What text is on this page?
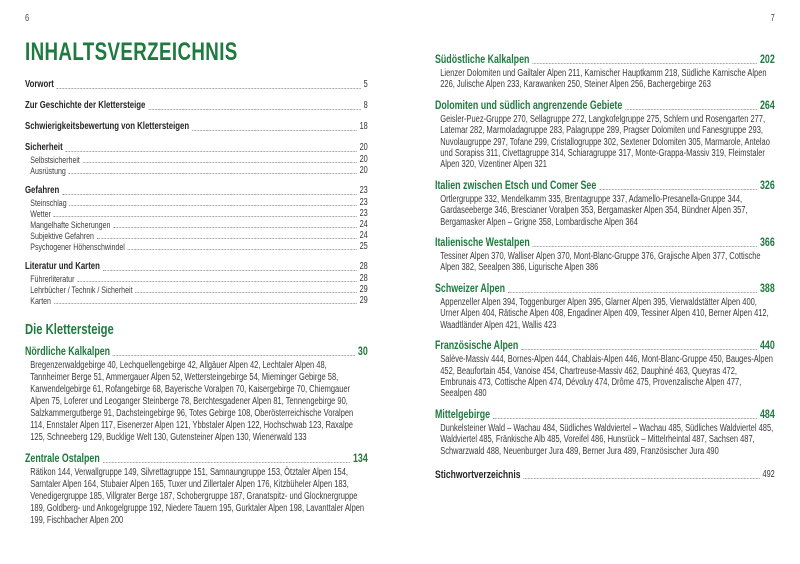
6
INHALTSVERZEICHNIS
Vorwort	5
Zur Geschichte der Klettersteige	8
Schwierigkeitsbewertung von Klettersteigen	18
Sicherheit	20
Selbstsicherheit	20
Ausrüstung	20
Gefahren	23
Steinschlag	23
Wetter	23
Mangelhafte Sicherungen	24
Subjektive Gefahren	24
Psychogener Höhenschwindel	25
Literatur und Karten	28
Führerliteratur	28
Lehrbücher / Technik / Sicherheit	29
Karten	29
Die Klettersteige
Nördliche Kalkalpen	30

Bregenzerwaldgebirge 40, Lechquellengebirge 42, Allgäuer Alpen 42, Lechtaler Alpen 48, Tannheimer Berge 51, Ammergauer Alpen 52, Wettersteingebirge 54, Mieminger Gebirge 58, Karwendelgebirge 61, Rofangebirge 68, Bayerische Voralpen 70, Kaisergebirge 70, Chiemgauer Alpen 75, Loferer und Leoganger Steinberge 78, Berchtesgadener Alpen 81, Tennengebirge 90, Salzkammergutberge 91, Dachsteingebirge 96, Totes Gebirge 108, Oberösterreichische Voralpen 114, Ennstaler Alpen 117, Eisenerzer Alpen 121, Ybbstaler Alpen 122, Hochschwab 123, Raxalpe 125, Schneeberg 129, Bucklige Welt 130, Gutensteiner Alpen 130, Wienerwald 133

Zentrale Ostalpen	134

Rätikon 144, Verwallgruppe 149, Silvrettagruppe 151, Samnaungruppe 153, Ötztaler Alpen 154, Sarntaler Alpen 164, Stubaier Alpen 165, Tuxer und Zillertaler Alpen 176, Kitzbüheler Alpen 183, Venedigergruppe 185, Villgrater Berge 187, Schobergruppe 187, Granatspitz- und Glocknergruppe 189, Goldberg- und Ankogelgruppe 192, Niedere Tauern 195, Gurktaler Alpen 198, Lavanttaler Alpen 199, Fischbacher Alpen 200

7
Südöstliche Kalkalpen	202

Lienzer Dolomiten und Gailtaler Alpen 211, Karnischer Hauptkamm 218, Südliche Karnische Alpen 226, Julische Alpen 233, Karawanken 250, Steiner Alpen 256, Bachergebirge 263

Dolomiten und südlich angrenzende Gebiete	264

Geisler-Puez-Gruppe 270, Sellagruppe 272, Langkofelgruppe 275, Schlern und Rosengarten 277, Latemar 282, Marmoladagruppe 283, Palagruppe 289, Pragser Dolomiten und Fanesgruppe 293, Nuvolaugruppe 297, Tofane 299, Cristallogruppe 302, Sextener Dolomiten 305, Marmarole, Antelao und Sorapiss 311, Civettagruppe 314, Schiaragruppe 317, Monte-Grappa-Massiv 319, Fleimstaler Alpen 320, Vizentiner Alpen 321

Italien zwischen Etsch und Comer See	326

Ortlergruppe 332, Mendelkamm 335, Brentagruppe 337, Adamello-Presanella-Gruppe 344, Gardaseeberge 346, Brescianer Voralpen 353, Bergamasker Alpen 354, Bündner Alpen 357, Bergamasker Alpen – Grigne 358, Lombardische Alpen 364

Italienische Westalpen	366

Tessiner Alpen 370, Walliser Alpen 370, Mont-Blanc-Gruppe 376, Grajische Alpen 377, Cottische Alpen 382, Seealpen 386, Ligurische Alpen 386

Schweizer Alpen	388

Appenzeller Alpen 394, Toggenburger Alpen 395, Glarner Alpen 395, Vierwaldstätter Alpen 400, Urner Alpen 404, Rätische Alpen 408, Engadiner Alpen 409, Tessiner Alpen 410, Berner Alpen 412, Waadtländer Alpen 421, Wallis 423

Französische Alpen	440

Salève-Massiv 444, Bornes-Alpen 444, Chablais-Alpen 446, Mont-Blanc-Gruppe 450, Bauges-Alpen 452, Beaufortain 454, Vanoise 454, Chartreuse-Massiv 462, Dauphiné 463, Queyras 472, Embrunais 473, Cottische Alpen 474, Dévoluy 474, Drôme 475, Provenzalische Alpen 477, Seealpen 480

Mittelgebirge	484

Dunkelsteiner Wald – Wachau 484, Südliches Waldviertel – Wachau 485, Südliches Waldviertel 485, Waldviertel 485, Fränkische Alb 485, Voreifel 486, Hunsrück – Mittelrheintal 487, Sachsen 487, Schwarzwald 488, Neuenburger Jura 489, Berner Jura 489, Französischer Jura 490

Stichwortverzeichnis	492
